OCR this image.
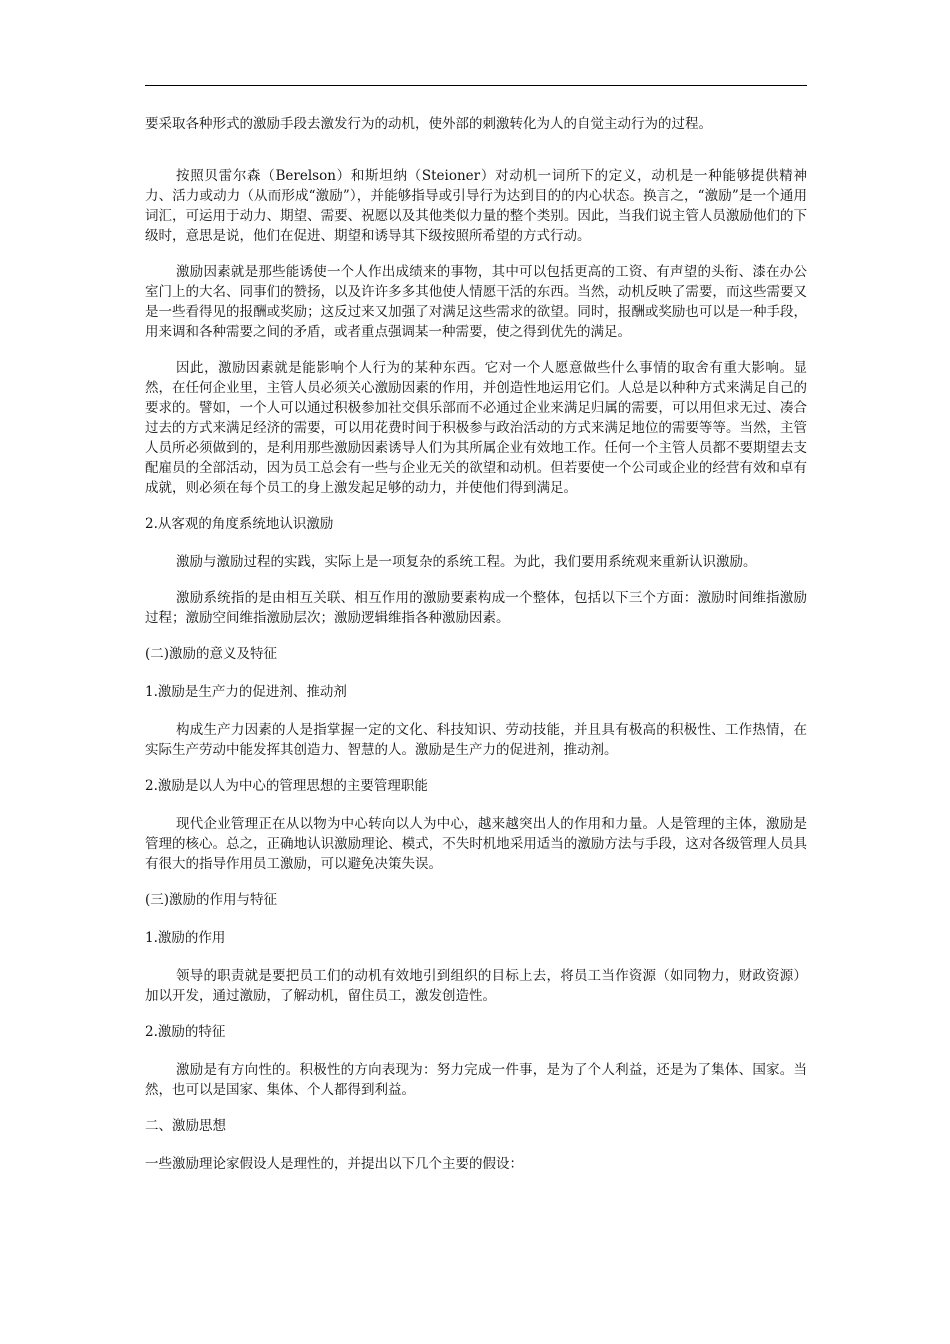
要采取各种形式的激励手段去激发行为的动机，使外部的刺激转化为人的自觉主动行为的过程。

按照贝雷尔森（Berelson）和斯坦纳（Steioner）对动机一词所下的定义，动机是一种能够提供精神力、活力或动力（从而形成“激励”），并能够指导或引导行为达到目的的内心状态。换言之，“激励”是一个通用词汇，可运用于动力、期望、需要、祝愿以及其他类似力量的整个类别。因此，当我们说主管人员激励他们的下级时，意思是说，他们在促进、期望和诱导其下级按照所希望的方式行动。

激励因素就是那些能诱使一个人作出成绩来的事物，其中可以包括更高的工资、有声望的头衔、漆在办公室门上的大名、同事们的赞扬，以及许许多多其他使人情愿干活的东西。当然，动机反映了需要，而这些需要又是一些看得见的报酬或奖励；这反过来又加强了对满足这些需求的欲望。同时，报酬或奖励也可以是一种手段，用来调和各种需要之间的矛盾，或者重点强调某一种需要，使之得到优先的满足。

因此，激励因素就是能影响个人行为的某种东西。它对一个人愿意做些什么事情的取舍有重大影响。显然，在任何企业里，主管人员必须关心激励因素的作用，并创造性地运用它们。人总是以种种方式来满足自己的要求的。譬如，一个人可以通过积极参加社交俱乐部而不必通过企业来满足归属的需要，可以用但求无过、凑合过去的方式来满足经济的需要，可以用花费时间于积极参与政治活动的方式来满足地位的需要等等。当然，主管人员所必须做到的，是利用那些激励因素诱导人们为其所属企业有效地工作。任何一个主管人员都不要期望去支配雇员的全部活动，因为员工总会有一些与企业无关的欲望和动机。但若要使一个公司或企业的经营有效和卓有成就，则必须在每个员工的身上激发起足够的动力，并使他们得到满足。

2.从客观的角度系统地认识激励

激励与激励过程的实践，实际上是一项复杂的系统工程。为此，我们要用系统观来重新认识激励。

激励系统指的是由相互关联、相互作用的激励要素构成一个整体，包括以下三个方面：激励时间维指激励过程；激励空间维指激励层次；激励逻辑维指各种激励因素。

(二)激励的意义及特征

1.激励是生产力的促进剂、推动剂

构成生产力因素的人是指掌握一定的文化、科技知识、劳动技能，并且具有极高的积极性、工作热情，在实际生产劳动中能发挥其创造力、智慧的人。激励是生产力的促进剂，推动剂。

2.激励是以人为中心的管理思想的主要管理职能

现代企业管理正在从以物为中心转向以人为中心，越来越突出人的作用和力量。人是管理的主体，激励是管理的核心。总之，正确地认识激励理论、模式，不失时机地采用适当的激励方法与手段，这对各级管理人员具有很大的指导作用员工激励，可以避免决策失误。

(三)激励的作用与特征

1.激励的作用

领导的职责就是要把员工们的动机有效地引到组织的目标上去，将员工当作资源（如同物力，财政资源）加以开发，通过激励，了解动机，留住员工，激发创造性。

2.激励的特征

激励是有方向性的。积极性的方向表现为：努力完成一件事，是为了个人利益，还是为了集体、国家。当然，也可以是国家、集体、个人都得到利益。

二、激励思想

一些激励理论家假设人是理性的，并提出以下几个主要的假设：
